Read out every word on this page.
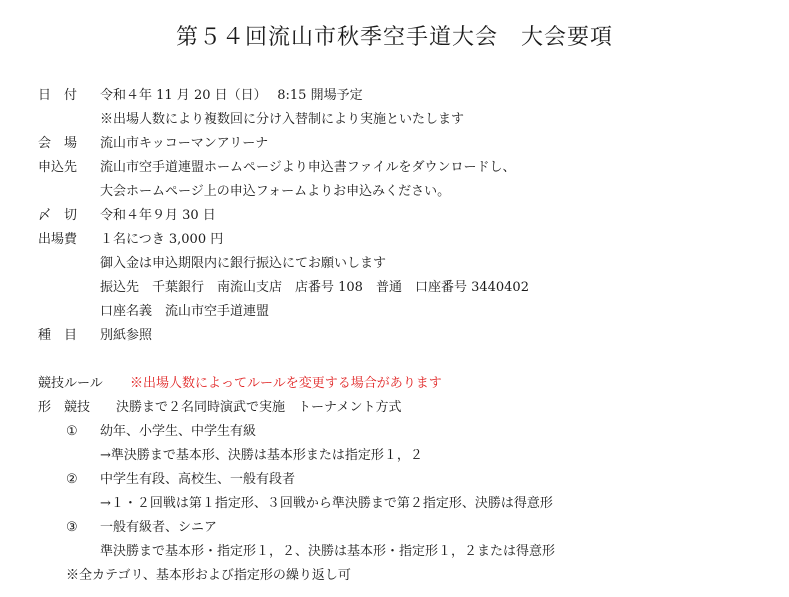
第５４回流山市秋季空手道大会　大会要項
日　付 令和４年 11 月 20 日（日）　 8:15 開場予定
※出場人数により複数回に分け入替制により実施といたします
会　場 流山市キッコーマンアリーナ
申込先 流山市空手道連盟ホームページより申込書ファイルをダウンロードし、
大会ホームページ上の申込フォームよりお申込みください。
〆　切 令和４年９月 30 日
出場費 １名につき 3,000 円
御入金は申込期限内に銀行振込にてお願いします
振込先　千葉銀行　南流山支店　店番号 108　普通　口座番号 3440402
口座名義　流山市空手道連盟
種　目 別紙参照
競技ルール ※出場人数によってルールを変更する場合があります
形　競技 決勝まで２名同時演武で実施　トーナメント方式
① 幼年、小学生、中学生有級
→準決勝まで基本形、決勝は基本形または指定形１，２
② 中学生有段、高校生、一般有段者
→１・２回戦は第１指定形、３回戦から準決勝まで第２指定形、決勝は得意形
③ 一般有級者、シニア
準決勝まで基本形・指定形１，２、決勝は基本形・指定形１，２または得意形
※全カテゴリ、基本形および指定形の繰り返し可
